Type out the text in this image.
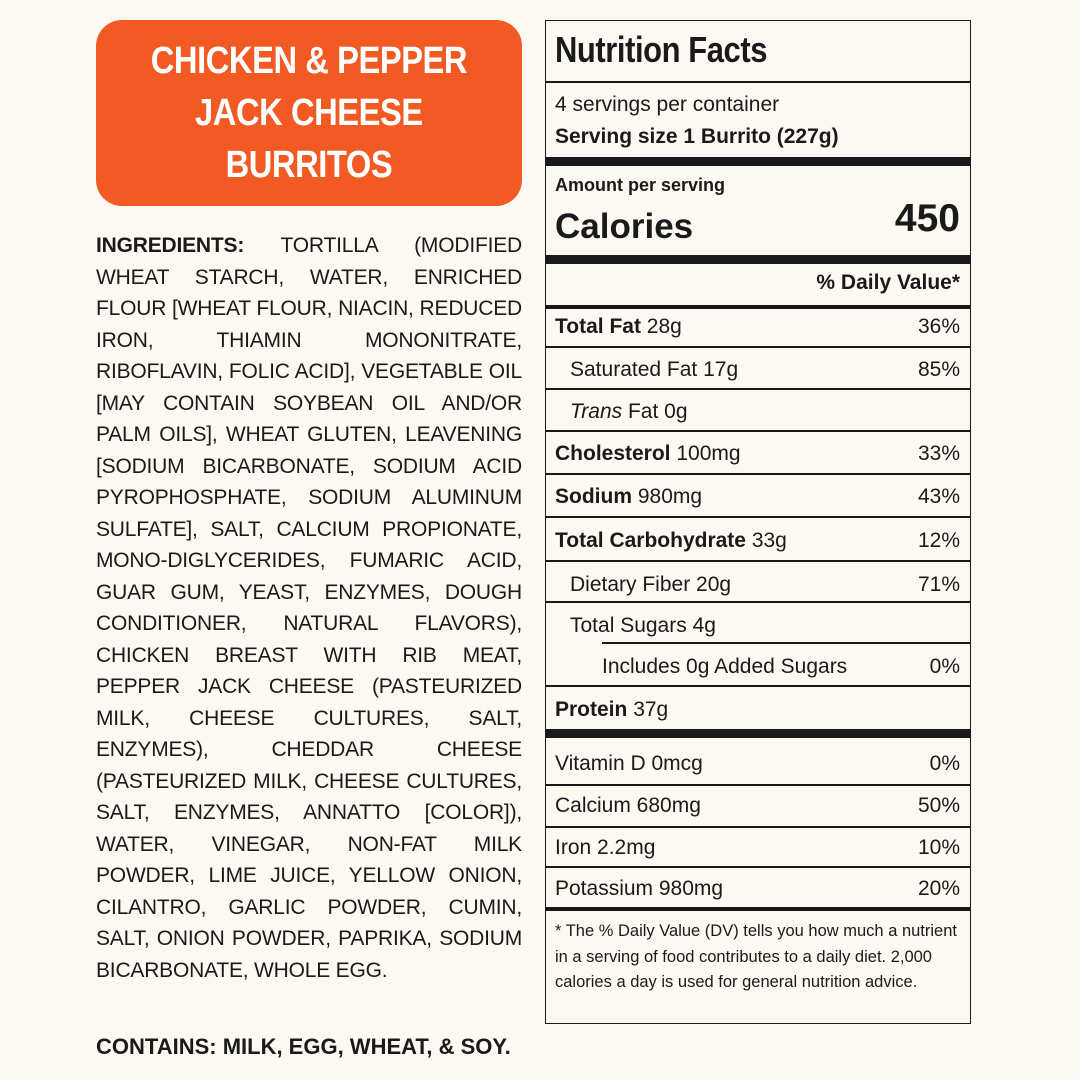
CHICKEN & PEPPER
JACK CHEESE
BURRITOS
INGREDIENTS: TORTILLA (MODIFIED WHEAT STARCH, WATER, ENRICHED FLOUR [WHEAT FLOUR, NIACIN, REDUCED IRON, THIAMIN MONONITRATE, RIBOFLAVIN, FOLIC ACID], VEGETABLE OIL [MAY CONTAIN SOYBEAN OIL AND/OR PALM OILS], WHEAT GLUTEN, LEAVENING [SODIUM BICARBONATE, SODIUM ACID PYROPHOSPHATE, SODIUM ALUMINUM SULFATE], SALT, CALCIUM PROPIONATE, MONO-DIGLYCERIDES, FUMARIC ACID, GUAR GUM, YEAST, ENZYMES, DOUGH CONDITIONER, NATURAL FLAVORS), CHICKEN BREAST WITH RIB MEAT, PEPPER JACK CHEESE (PASTEURIZED MILK, CHEESE CULTURES, SALT, ENZYMES), CHEDDAR CHEESE (PASTEURIZED MILK, CHEESE CULTURES, SALT, ENZYMES, ANNATTO [COLOR]), WATER, VINEGAR, NON-FAT MILK POWDER, LIME JUICE, YELLOW ONION, CILANTRO, GARLIC POWDER, CUMIN, SALT, ONION POWDER, PAPRIKA, SODIUM BICARBONATE, WHOLE EGG.
CONTAINS: MILK, EGG, WHEAT, & SOY.
Nutrition Facts
4 servings per container
Serving size 1 Burrito (227g)
Amount per serving
Calories	450
% Daily Value*
Total Fat 28g	36%
Saturated Fat 17g	85%
Trans Fat 0g
Cholesterol 100mg	33%
Sodium 980mg	43%
Total Carbohydrate 33g	12%
Dietary Fiber 20g	71%
Total Sugars 4g
Includes 0g Added Sugars	0%
Protein 37g
Vitamin D 0mcg	0%
Calcium 680mg	50%
Iron 2.2mg	10%
Potassium 980mg	20%
* The % Daily Value (DV) tells you how much a nutrient in a serving of food contributes to a daily diet. 2,000 calories a day is used for general nutrition advice.
